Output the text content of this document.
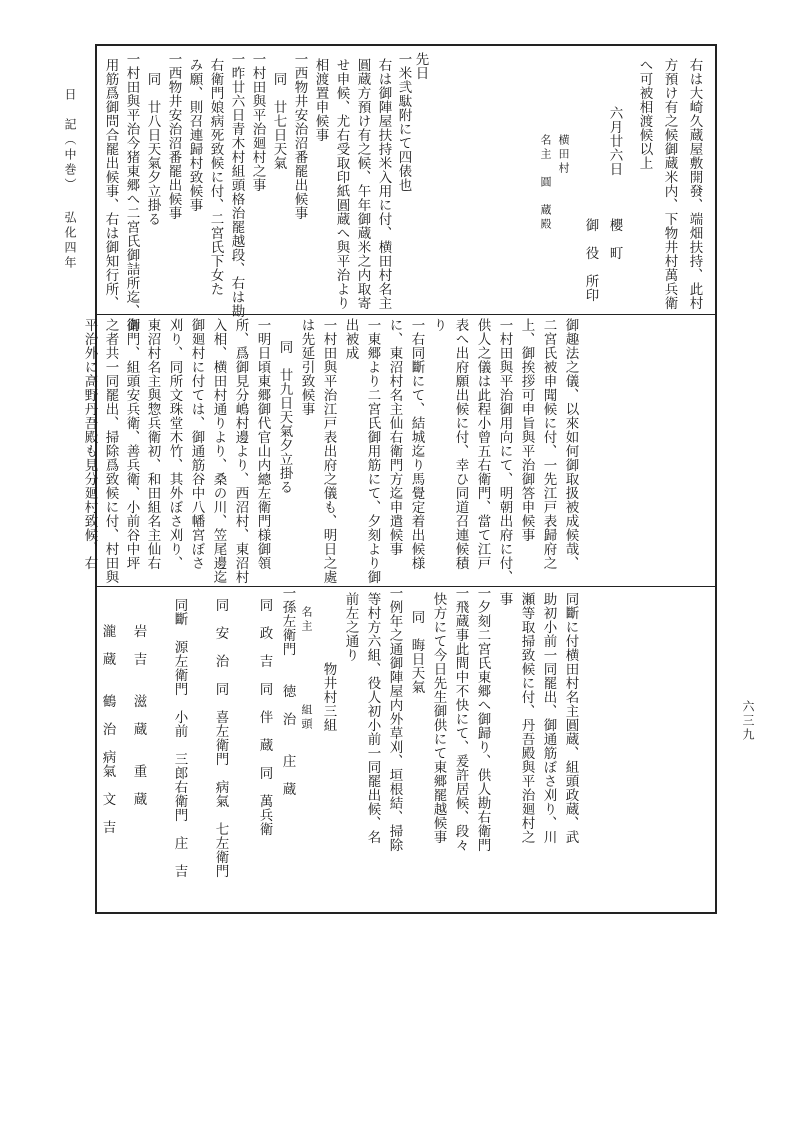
日　記（中巻）弘化四年
六三九
右は大崎久蔵屋敷開發、端畑扶持、此村
方預け有之候御蔵米内、下物井村萬兵衛
へ可被相渡候以上
六月廿六日　　　櫻　町
　　　　　　　　御　役　所印
　　横田村
　　名主　圓　蔵殿
先日
一米弐駄附にて四俵也
右は御陣屋扶持米入用に付、横田村名主
圓蔵方預け有之候、午年御蔵米之内取寄
せ申候、尤右受取印紙圓蔵へ與平治より
相渡置申候事
一西物井安治沼番罷出候事
同　廿七日天氣
一村田與平治廻村之事
一昨廿六日青木村組頭格治罷越段、右は勘
右衛門娘病死致候に付、二宮氏下女た
み願、則召連歸村致候事
一西物井安治沼番罷出候事
同　廿八日天氣夕立掛る
一村田與平治今猪東郷へ二宮氏御詰所迄、御
用筋爲御問合罷出候事、右は御知行所、
御趣法之儀、以來如何御取扱被成候哉、
二宮氏被申聞候に付、一先江戸表歸府之
上、御挨拶可申旨與平治御答申候事
一村田與平治御用向にて、明朝出府に付、
供人之儀は此程小曾五右衛門、當て江戸
表へ出府願出候に付、幸ひ同道召連候積
り
一右同斷にて、結城迄り馬覺定着出候様
に、東沼村名主仙右衛門方迄申遣候事
一東郷より二宮氏御用筋にて、夕刻より御
出被成
一村田與平治江戸表出府之儀も、明日之處
は先延引致候事
同　廿九日天氣夕立掛る
一明日頃東郷御代官山内總左衛門様御領
所、爲御見分嶋村邊より、西沼村、東沼村
入相、横田村通りより、桑の川、笠尾邊迄
御廻村に付ては、御通筋谷中八幡宮ぼさ
刈り、同所文珠堂木竹、其外ぼさ刈り、
東沼村名主與惣兵衛初、和田組名主仙右
衛門、組頭安兵衛、善兵衛、小前谷中坪
之者共一同罷出、掃除爲致候に付、村田與
平治外に高野丹吾殿も見分廻村致候、右
同斷に付横田村名主圓蔵、組頭政蔵、武
助初小前一同罷出、御通筋ぼさ刈り、川
瀬等取掃致候に付、丹吾殿與平治廻村之
事
一夕刻二宮氏東郷へ御歸り、供人勘右衛門
一飛蔵事此間中不快にて、爰許居候、段々
快方にて今日先生御供にて東郷罷越候事
同　晦日天氣
一例年之通御陣屋内外草刈、垣根結、掃除
等村方六組、役人初小前一同罷出候、名
前左之通り
　　　　　物井村三組
　名主　　　　　組頭
一孫左衛門　　徳　治　　庄　蔵
同　政　吉　同　伴　蔵　同　萬兵衛
同　安　治　同　喜左衛門　病氣　七左衛門
同斷　源左衛門　小前　三郎右衛門　庄　吉
岩　吉　　滋　蔵　　重　蔵
瀧　蔵　　鶴　治　病氣　文　吉
